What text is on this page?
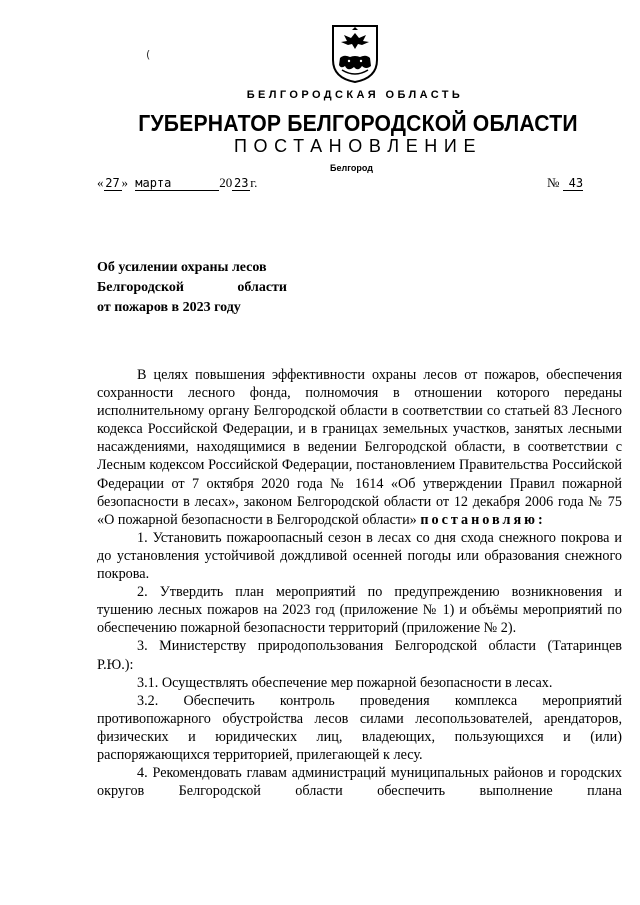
(
БЕЛГОРОДСКАЯ ОБЛАСТЬ
ГУБЕРНАТОР БЕЛГОРОДСКОЙ ОБЛАСТИ
ПОСТАНОВЛЕНИЕ
Белгород
« 27 » марта	20 23 г.	№ 43
Об усилении охраны лесов
Белгородской области
от пожаров в 2023 году

В целях повышения эффективности охраны лесов от пожаров, обеспечения сохранности лесного фонда, полномочия в отношении которого переданы исполнительному органу Белгородской области в соответствии со статьей 83 Лесного кодекса Российской Федерации, и в границах земельных участков, занятых лесными насаждениями, находящимися в ведении Белгородской области, в соответствии с Лесным кодексом Российской Федерации, постановлением Правительства Российской Федерации от 7 октября 2020 года № 1614 «Об утверждении Правил пожарной безопасности в лесах», законом Белгородской области от 12 декабря 2006 года № 75 «О пожарной безопасности в Белгородской области» постановляю:

1. Установить пожароопасный сезон в лесах со дня схода снежного покрова и до установления устойчивой дождливой осенней погоды или образования снежного покрова.

2. Утвердить план мероприятий по предупреждению возникновения и тушению лесных пожаров на 2023 год (приложение № 1) и объёмы мероприятий по обеспечению пожарной безопасности территорий (приложение № 2).

3. Министерству природопользования Белгородской области (Татаринцев Р.Ю.):

3.1. Осуществлять обеспечение мер пожарной безопасности в лесах.

3.2. Обеспечить контроль проведения комплекса мероприятий противопожарного обустройства лесов силами лесопользователей, арендаторов, физических и юридических лиц, владеющих, пользующихся и (или) распоряжающихся территорией, прилегающей к лесу.

4. Рекомендовать главам администраций муниципальных районов и городских округов Белгородской области обеспечить выполнение плана
